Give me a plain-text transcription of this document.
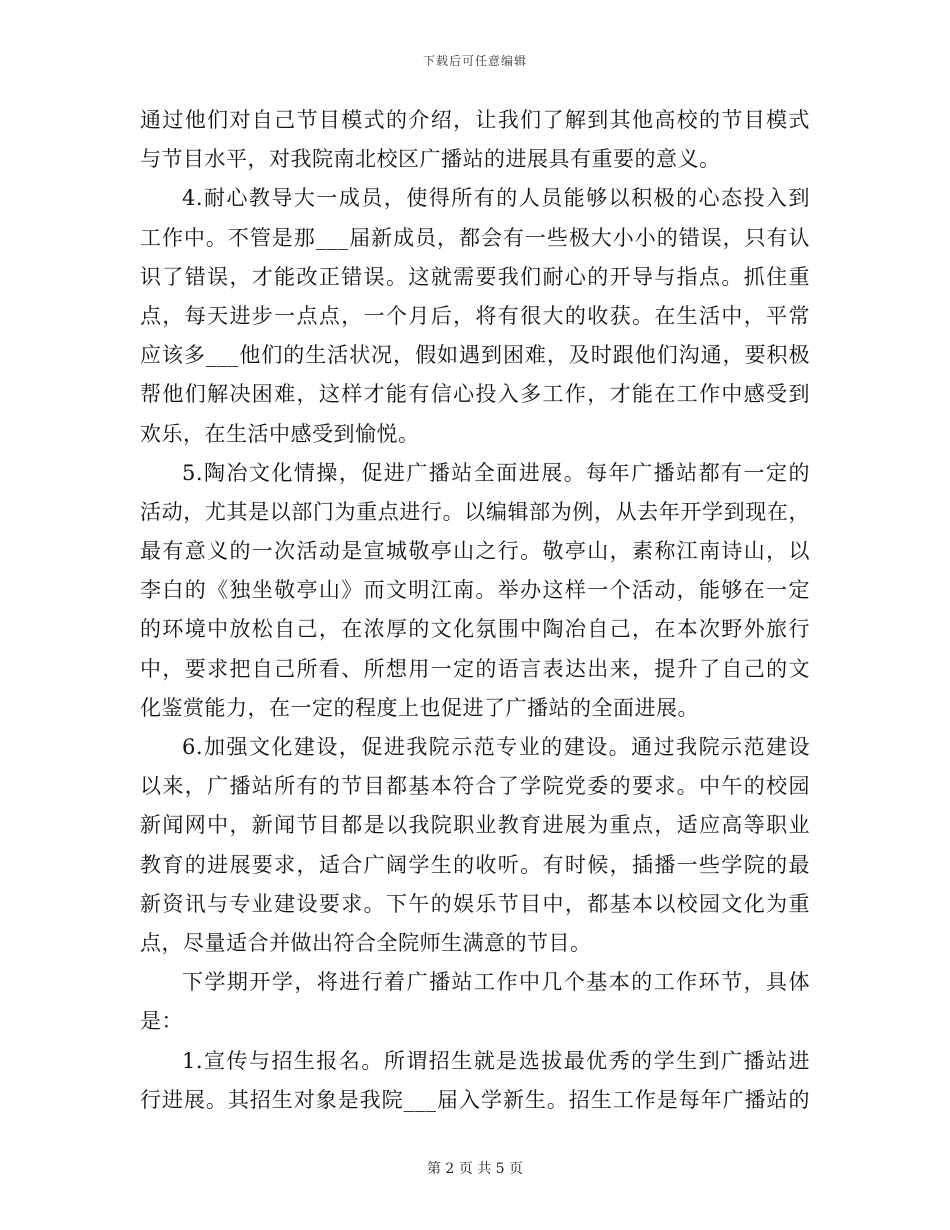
下载后可任意编辑
通过他们对自己节目模式的介绍，让我们了解到其他高校的节目模式
与节目水平，对我院南北校区广播站的进展具有重要的意义。
4.耐心教导大一成员，使得所有的人员能够以积极的心态投入到
工作中。不管是那___届新成员，都会有一些极大小小的错误，只有认
识了错误，才能改正错误。这就需要我们耐心的开导与指点。抓住重
点，每天进步一点点，一个月后，将有很大的收获。在生活中，平常
应该多___他们的生活状况，假如遇到困难，及时跟他们沟通，要积极
帮他们解决困难，这样才能有信心投入多工作，才能在工作中感受到
欢乐，在生活中感受到愉悦。
5.陶冶文化情操，促进广播站全面进展。每年广播站都有一定的
活动，尤其是以部门为重点进行。以编辑部为例，从去年开学到现在，
最有意义的一次活动是宣城敬亭山之行。敬亭山，素称江南诗山，以
李白的《独坐敬亭山》而文明江南。举办这样一个活动，能够在一定
的环境中放松自己，在浓厚的文化氛围中陶冶自己，在本次野外旅行
中，要求把自己所看、所想用一定的语言表达出来，提升了自己的文
化鉴赏能力，在一定的程度上也促进了广播站的全面进展。
6.加强文化建设，促进我院示范专业的建设。通过我院示范建设
以来，广播站所有的节目都基本符合了学院党委的要求。中午的校园
新闻网中，新闻节目都是以我院职业教育进展为重点，适应高等职业
教育的进展要求，适合广阔学生的收听。有时候，插播一些学院的最
新资讯与专业建设要求。下午的娱乐节目中，都基本以校园文化为重
点，尽量适合并做出符合全院师生满意的节目。
下学期开学，将进行着广播站工作中几个基本的工作环节，具体
是：
1.宣传与招生报名。所谓招生就是选拔最优秀的学生到广播站进
行进展。其招生对象是我院___届入学新生。招生工作是每年广播站的
第 2 页 共 5 页
